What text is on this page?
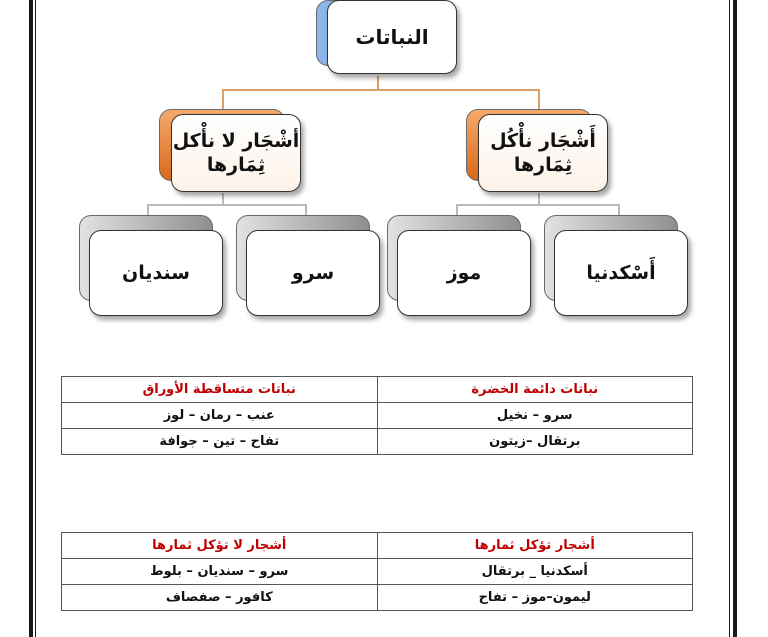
النباتات
أَشْجَار نأْكُل ثِمَارها
أشْجَار لا نأْكل ثِمَارها
أَسْكدنيا
موز
سرو
سنديان
نباتات دائمة الخضرة	نباتات متساقطة الأوراق
سرو – نخيل	عنب – رمان – لوز
برتقال –زيتون	تفاح – تين – جوافة
أشجار تؤكل ثمارها	أشجار لا تؤكل ثمارها
أسكدنيا _ برتقال	سرو – سنديان – بلوط
ليمون–موز – تفاح	كافور – صفصاف
